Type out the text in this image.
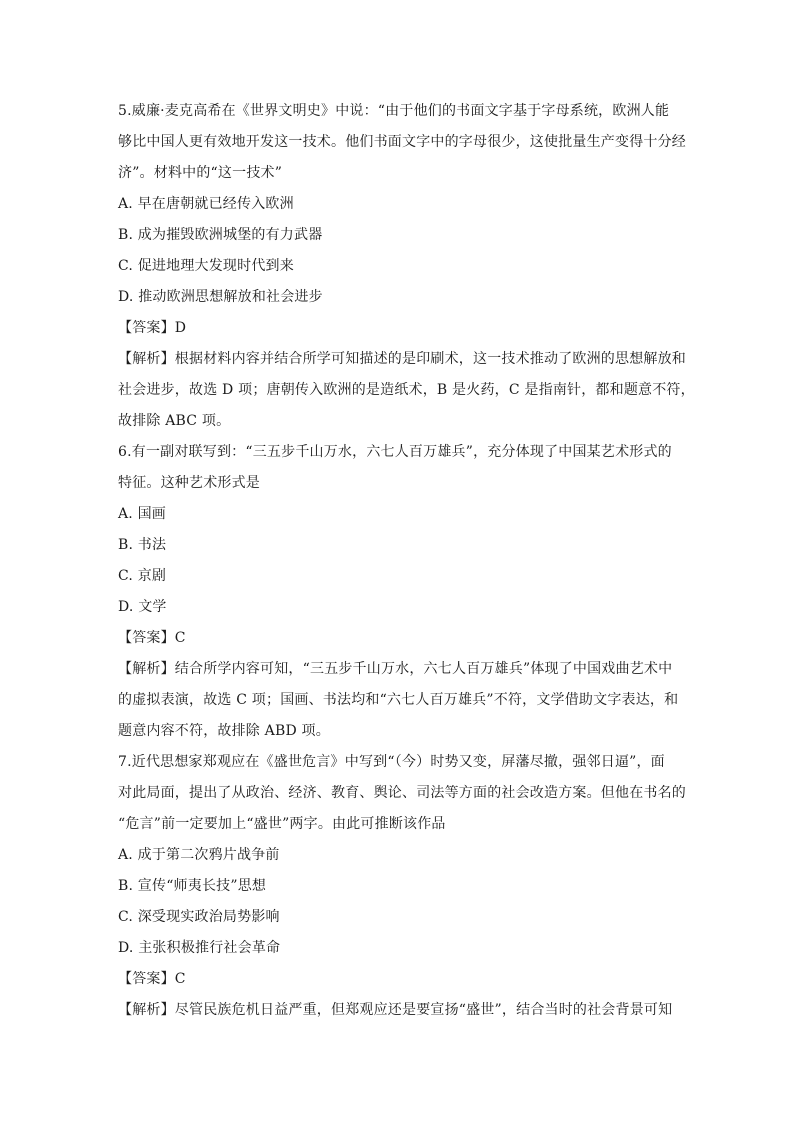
5.威廉·麦克高希在《世界文明史》中说：“由于他们的书面文字基于字母系统，欧洲人能
够比中国人更有效地开发这一技术。他们书面文字中的字母很少，这使批量生产变得十分经
济”。材料中的“这一技术”
A. 早在唐朝就已经传入欧洲
B. 成为摧毁欧洲城堡的有力武器
C. 促进地理大发现时代到来
D. 推动欧洲思想解放和社会进步
【答案】D
【解析】根据材料内容并结合所学可知描述的是印刷术，这一技术推动了欧洲的思想解放和
社会进步，故选 D 项；唐朝传入欧洲的是造纸术，B 是火药，C 是指南针，都和题意不符，
故排除 ABC 项。
6.有一副对联写到：“三五步千山万水，六七人百万雄兵”，充分体现了中国某艺术形式的
特征。这种艺术形式是
A. 国画
B. 书法
C. 京剧
D. 文学
【答案】C
【解析】结合所学内容可知，“三五步千山万水，六七人百万雄兵”体现了中国戏曲艺术中
的虚拟表演，故选 C 项；国画、书法均和“六七人百万雄兵”不符，文学借助文字表达，和
题意内容不符，故排除 ABD 项。
7.近代思想家郑观应在《盛世危言》中写到“（今）时势又变，屏藩尽撤，强邻日逼”，面
对此局面，提出了从政治、经济、教育、舆论、司法等方面的社会改造方案。但他在书名的
“危言”前一定要加上“盛世”两字。由此可推断该作品
A. 成于第二次鸦片战争前
B. 宣传“师夷长技”思想
C. 深受现实政治局势影响
D. 主张积极推行社会革命
【答案】C
【解析】尽管民族危机日益严重，但郑观应还是要宣扬“盛世”，结合当时的社会背景可知
